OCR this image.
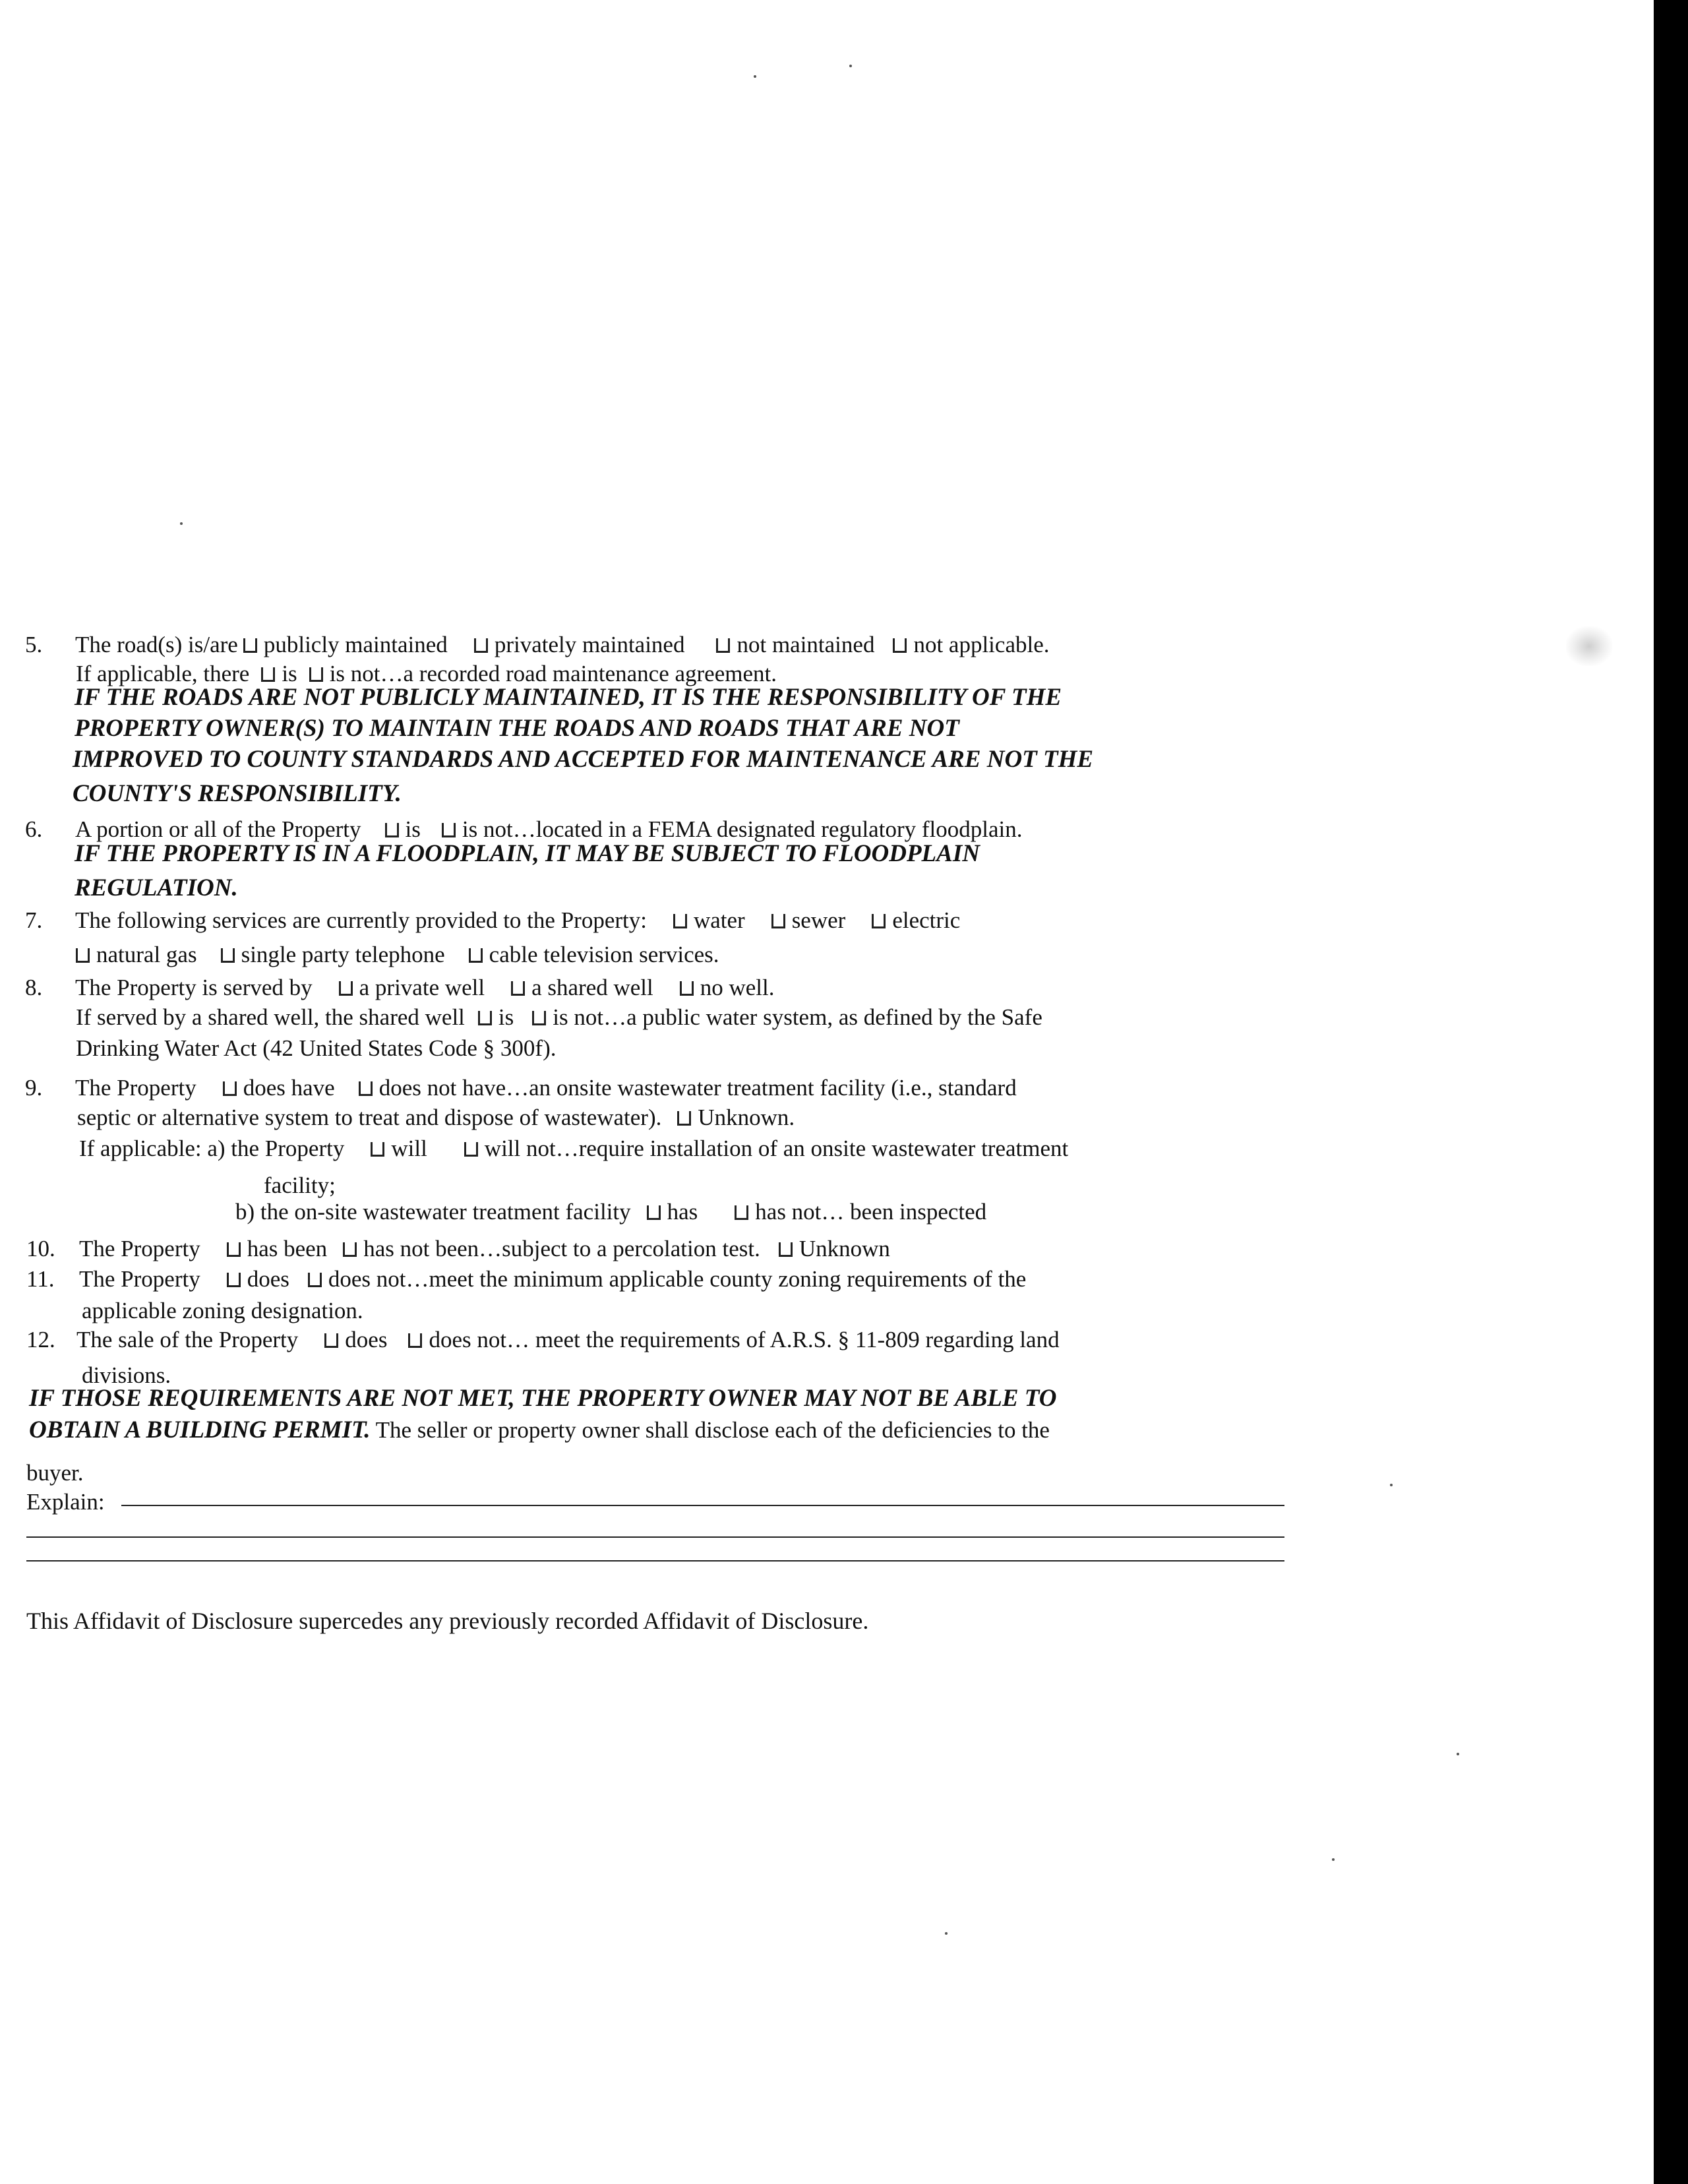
5. The road(s) is/are publicly maintained privately maintained not maintained not applicable.
If applicable, there is is not…a recorded road maintenance agreement.
IF THE ROADS ARE NOT PUBLICLY MAINTAINED, IT IS THE RESPONSIBILITY OF THE
PROPERTY OWNER(S) TO MAINTAIN THE ROADS AND ROADS THAT ARE NOT
IMPROVED TO COUNTY STANDARDS AND ACCEPTED FOR MAINTENANCE ARE NOT THE
COUNTY'S RESPONSIBILITY.
6. A portion or all of the Property is is not…located in a FEMA designated regulatory floodplain.
IF THE PROPERTY IS IN A FLOODPLAIN, IT MAY BE SUBJECT TO FLOODPLAIN
REGULATION.
7. The following services are currently provided to the Property: water sewer electric
natural gas single party telephone cable television services.
8. The Property is served by a private well a shared well no well.
If served by a shared well, the shared well is is not…a public water system, as defined by the Safe
Drinking Water Act (42 United States Code § 300f).
9. The Property does have does not have…an onsite wastewater treatment facility (i.e., standard
septic or alternative system to treat and dispose of wastewater). Unknown.
If applicable: a) the Property will will not…require installation of an onsite wastewater treatment
facility;
b) the on-site wastewater treatment facility has has not… been inspected
10. The Property has been has not been…subject to a percolation test. Unknown
11. The Property does does not…meet the minimum applicable county zoning requirements of the
applicable zoning designation.
12. The sale of the Property does does not… meet the requirements of A.R.S. § 11-809 regarding land
divisions.
IF THOSE REQUIREMENTS ARE NOT MET, THE PROPERTY OWNER MAY NOT BE ABLE TO
OBTAIN A BUILDING PERMIT. The seller or property owner shall disclose each of the deficiencies to the
buyer.
Explain:
This Affidavit of Disclosure supercedes any previously recorded Affidavit of Disclosure.
